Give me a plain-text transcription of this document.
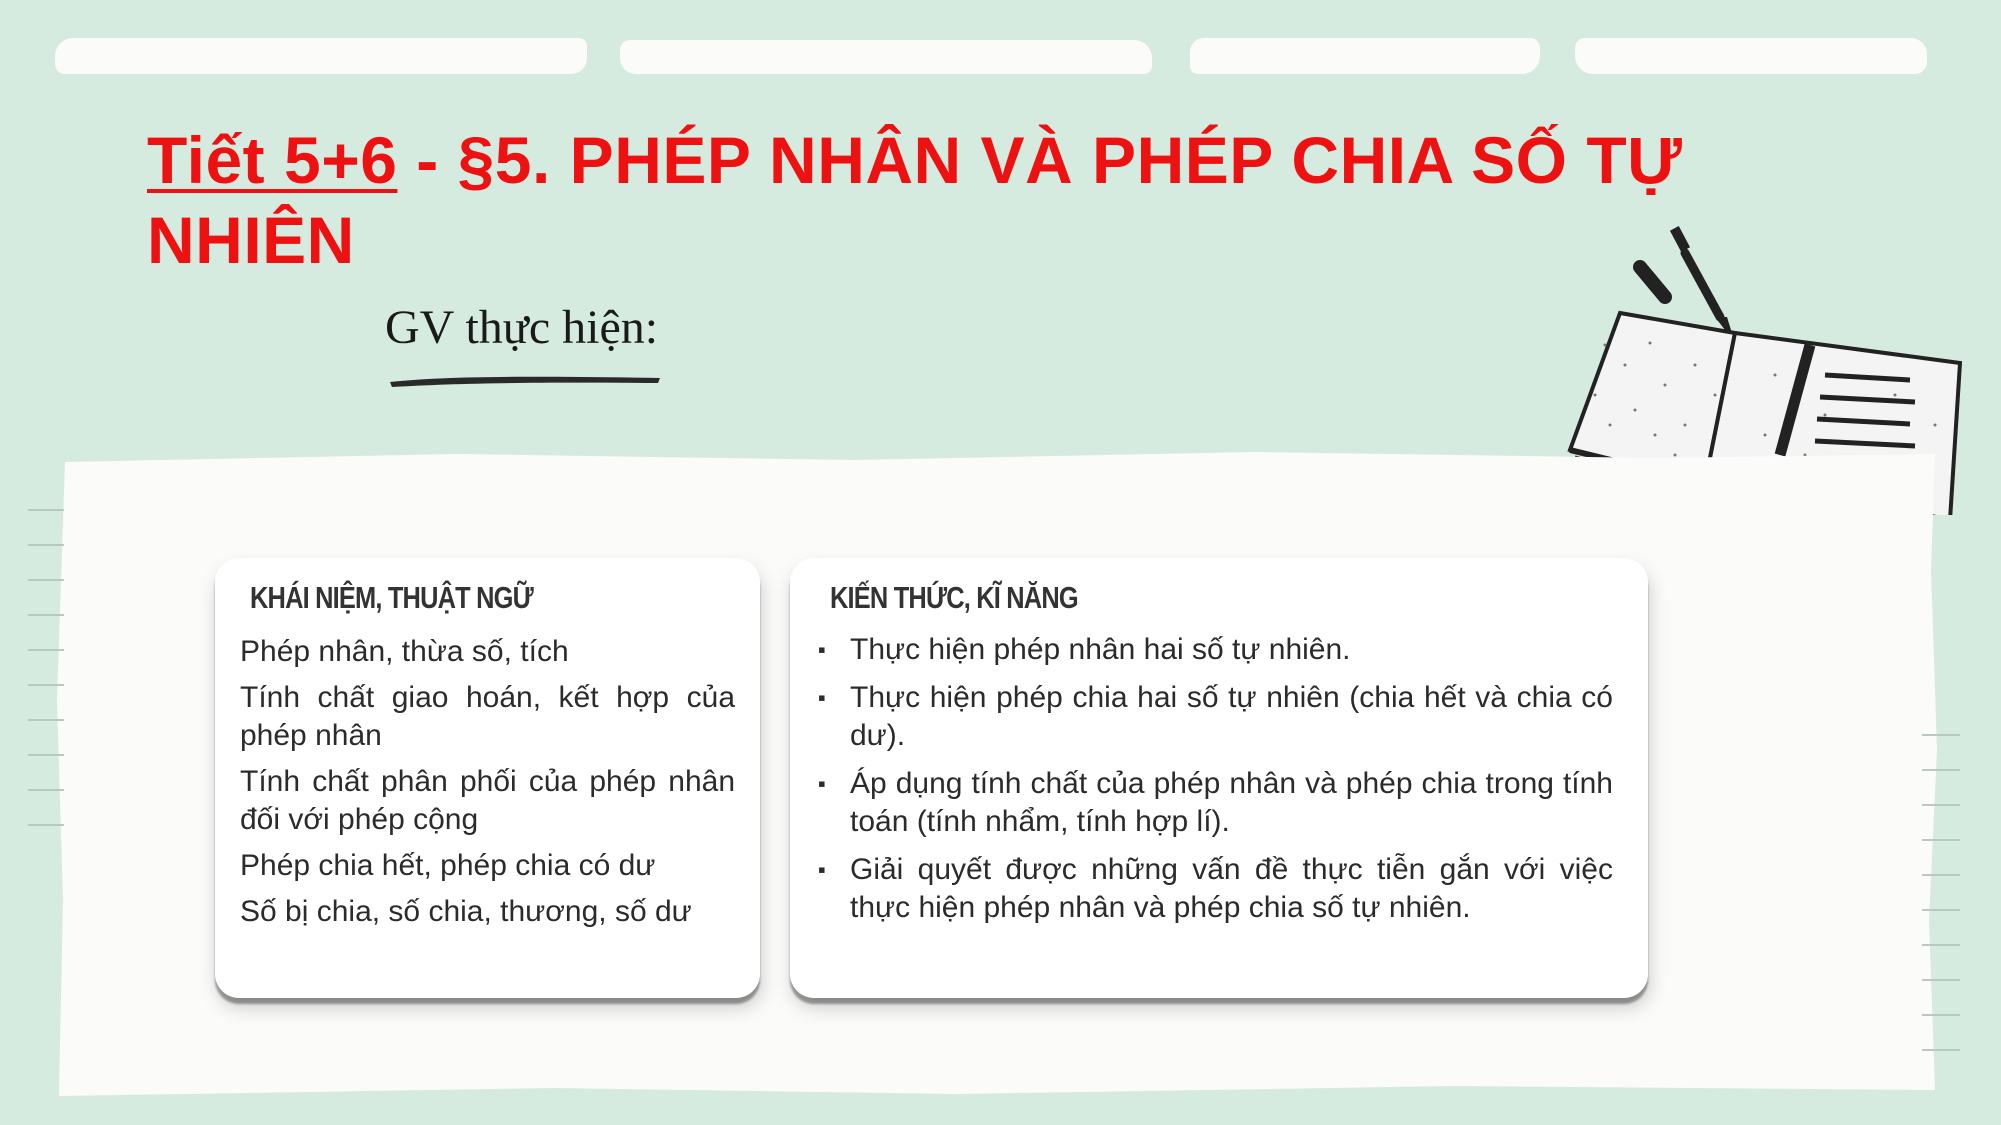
Tiết 5+6 - §5. PHÉP NHÂN VÀ PHÉP CHIA SỐ TỰ NHIÊN

GV thực hiện:

KHÁI NIỆM, THUẬT NGỮ

Phép nhân, thừa số, tích
Tính chất giao hoán, kết hợp của phép nhân
Tính chất phân phối của phép nhân đối với phép cộng
Phép chia hết, phép chia có dư
Số bị chia, số chia, thương, số dư

KIẾN THỨC, KĨ NĂNG

▪ Thực hiện phép nhân hai số tự nhiên.
▪ Thực hiện phép chia hai số tự nhiên (chia hết và chia có dư).
▪ Áp dụng tính chất của phép nhân và phép chia trong tính toán (tính nhẩm, tính hợp lí).
▪ Giải quyết được những vấn đề thực tiễn gắn với việc thực hiện phép nhân và phép chia số tự nhiên.
